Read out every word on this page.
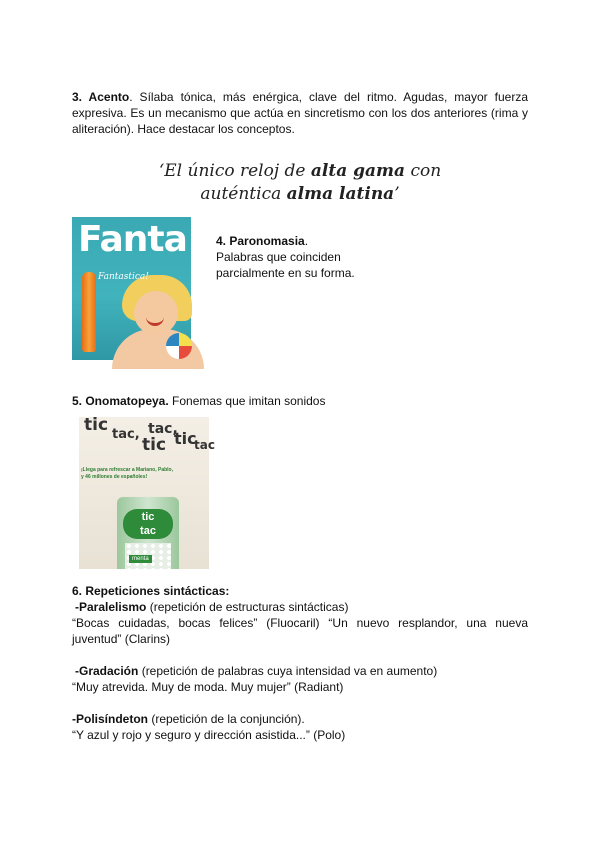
3. Acento. Sílaba tónica, más enérgica, clave del ritmo. Agudas, mayor fuerza expresiva. Es un mecanismo que actúa en sincretismo con los dos anteriores (rima y aliteración). Hace destacar los conceptos.
‘El único reloj de alta gama con
auténtica alma latina’
Fanta
Fantastica!
4. Paronomasia.
Palabras que coinciden
parcialmente en su forma.
5. Onomatopeya. Fonemas que imitan sonidos
tic tac, tac,
tic tic
tac
¡Llega para refrescar a Mariano, Pablo,
y 46 millones de españoles!
tic
tac
menta
6. Repeticiones sintácticas:
-Paralelismo (repetición de estructuras sintácticas)
“Bocas cuidadas, bocas felices” (Fluocaril) “Un nuevo resplandor, una nueva juventud” (Clarins)
-Gradación (repetición de palabras cuya intensidad va en aumento)
“Muy atrevida. Muy de moda. Muy mujer” (Radiant)
-Polisíndeton (repetición de la conjunción).
“Y azul y rojo y seguro y dirección asistida...” (Polo)
